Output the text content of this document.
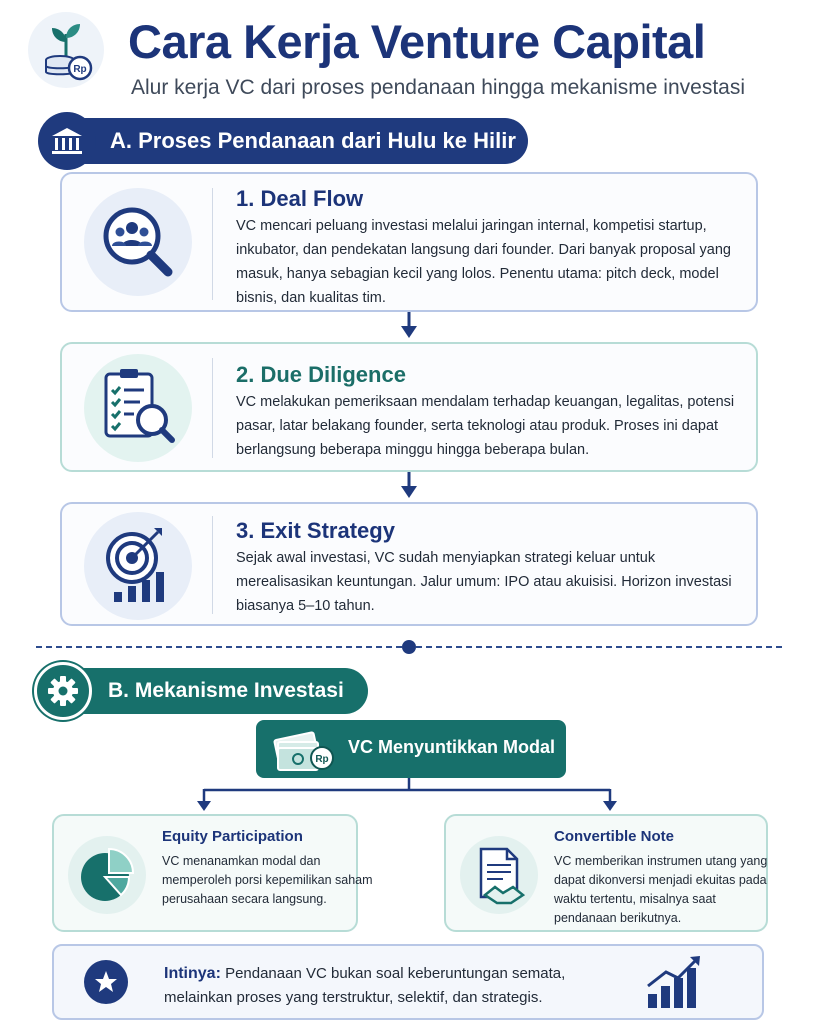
Rp
Cara Kerja Venture Capital
Alur kerja VC dari proses pendanaan hingga mekanisme investasi
A. Proses Pendanaan dari Hulu ke Hilir
1. Deal Flow
VC mencari peluang investasi melalui jaringan internal, kompetisi startup, inkubator, dan pendekatan langsung dari founder. Dari banyak proposal yang masuk, hanya sebagian kecil yang lolos. Penentu utama: pitch deck, model bisnis, dan kualitas tim.
2. Due Diligence
VC melakukan pemeriksaan mendalam terhadap keuangan, legalitas, potensi pasar, latar belakang founder, serta teknologi atau produk. Proses ini dapat berlangsung beberapa minggu hingga beberapa bulan.
3. Exit Strategy
Sejak awal investasi, VC sudah menyiapkan strategi keluar untuk merealisasikan keuntungan. Jalur umum: IPO atau akuisisi. Horizon investasi biasanya 5–10 tahun.
B. Mekanisme Investasi
Rp
VC Menyuntikkan Modal
Equity Participation
VC menanamkan modal dan memperoleh porsi kepemilikan saham perusahaan secara langsung.
Convertible Note
VC memberikan instrumen utang yang dapat dikonversi menjadi ekuitas pada waktu tertentu, misalnya saat pendanaan berikutnya.
Intinya: Pendanaan VC bukan soal keberuntungan semata, melainkan proses yang terstruktur, selektif, dan strategis.
